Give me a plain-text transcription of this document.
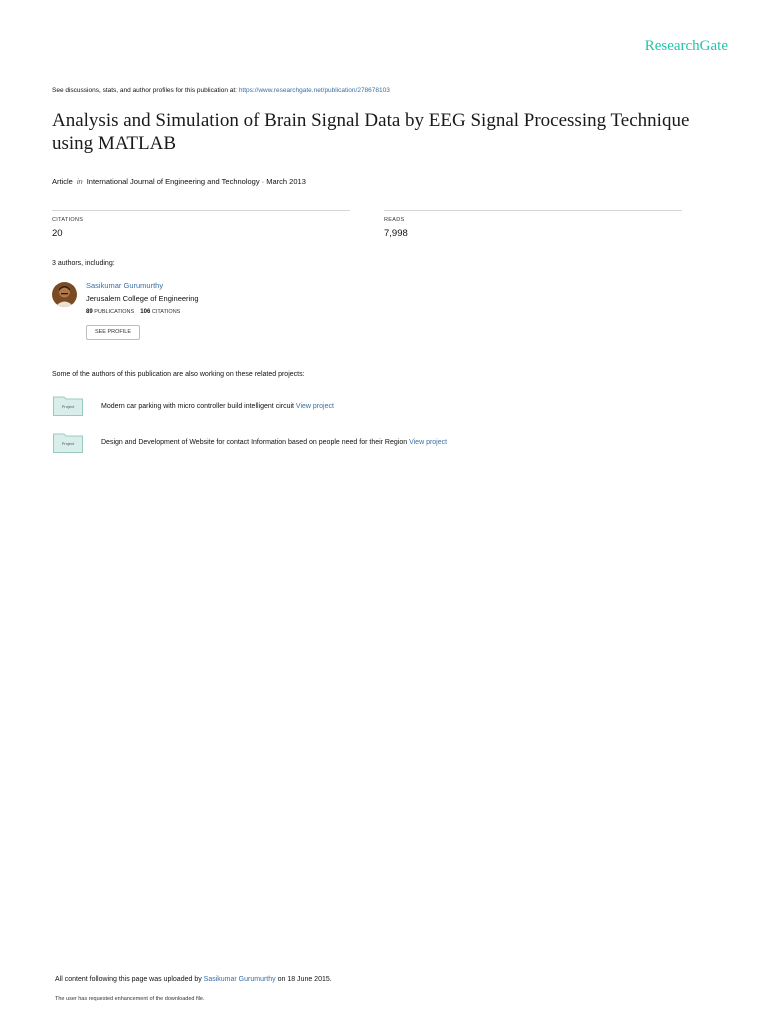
ResearchGate
See discussions, stats, and author profiles for this publication at: https://www.researchgate.net/publication/278678103
Analysis and Simulation of Brain Signal Data by EEG Signal Processing Technique using MATLAB
Article in International Journal of Engineering and Technology · March 2013
CITATIONS
20
READS
7,998
3 authors, including:
Sasikumar Gurumurthy
Jerusalem College of Engineering
89 PUBLICATIONS 106 CITATIONS
SEE PROFILE
Some of the authors of this publication are also working on these related projects:
Project	Modern car parking with micro controller build intelligent circuit View project
Project	Design and Development of Website for contact Information based on people need for their Region View project
All content following this page was uploaded by Sasikumar Gurumurthy on 18 June 2015.
The user has requested enhancement of the downloaded file.
